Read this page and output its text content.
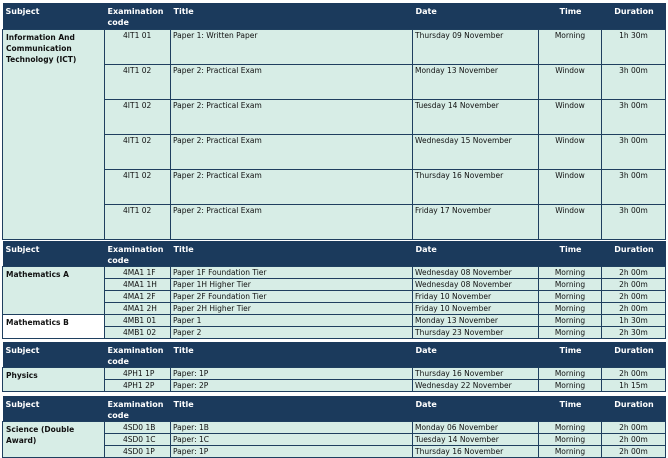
Subject	Examination code	Title	Date	Time	Duration
Information And Communication Technology (ICT)	4IT1 01	Paper 1: Written Paper	Thursday 09 November	Morning	1h 30m
	4IT1 02	Paper 2: Practical Exam	Monday 13 November	Window	3h 00m
	4IT1 02	Paper 2: Practical Exam	Tuesday 14 November	Window	3h 00m
	4IT1 02	Paper 2: Practical Exam	Wednesday 15 November	Window	3h 00m
	4IT1 02	Paper 2: Practical Exam	Thursday 16 November	Window	3h 00m
	4IT1 02	Paper 2: Practical Exam	Friday 17 November	Window	3h 00m
Subject	Examination code	Title	Date	Time	Duration
Mathematics A	4MA1 1F	Paper 1F Foundation Tier	Wednesday 08 November	Morning	2h 00m
	4MA1 1H	Paper 1H Higher Tier	Wednesday 08 November	Morning	2h 00m
	4MA1 2F	Paper 2F Foundation Tier	Friday 10 November	Morning	2h 00m
	4MA1 2H	Paper 2H Higher Tier	Friday 10 November	Morning	2h 00m
Mathematics B	4MB1 01	Paper 1	Monday 13 November	Morning	1h 30m
	4MB1 02	Paper 2	Thursday 23 November	Morning	2h 30m
Subject	Examination code	Title	Date	Time	Duration
Physics	4PH1 1P	Paper: 1P	Thursday 16 November	Morning	2h 00m
	4PH1 2P	Paper: 2P	Wednesday 22 November	Morning	1h 15m
Subject	Examination code	Title	Date	Time	Duration
Science (Double Award)	4SD0 1B	Paper: 1B	Monday 06 November	Morning	2h 00m
	4SD0 1C	Paper: 1C	Tuesday 14 November	Morning	2h 00m
	4SD0 1P	Paper: 1P	Thursday 16 November	Morning	2h 00m
